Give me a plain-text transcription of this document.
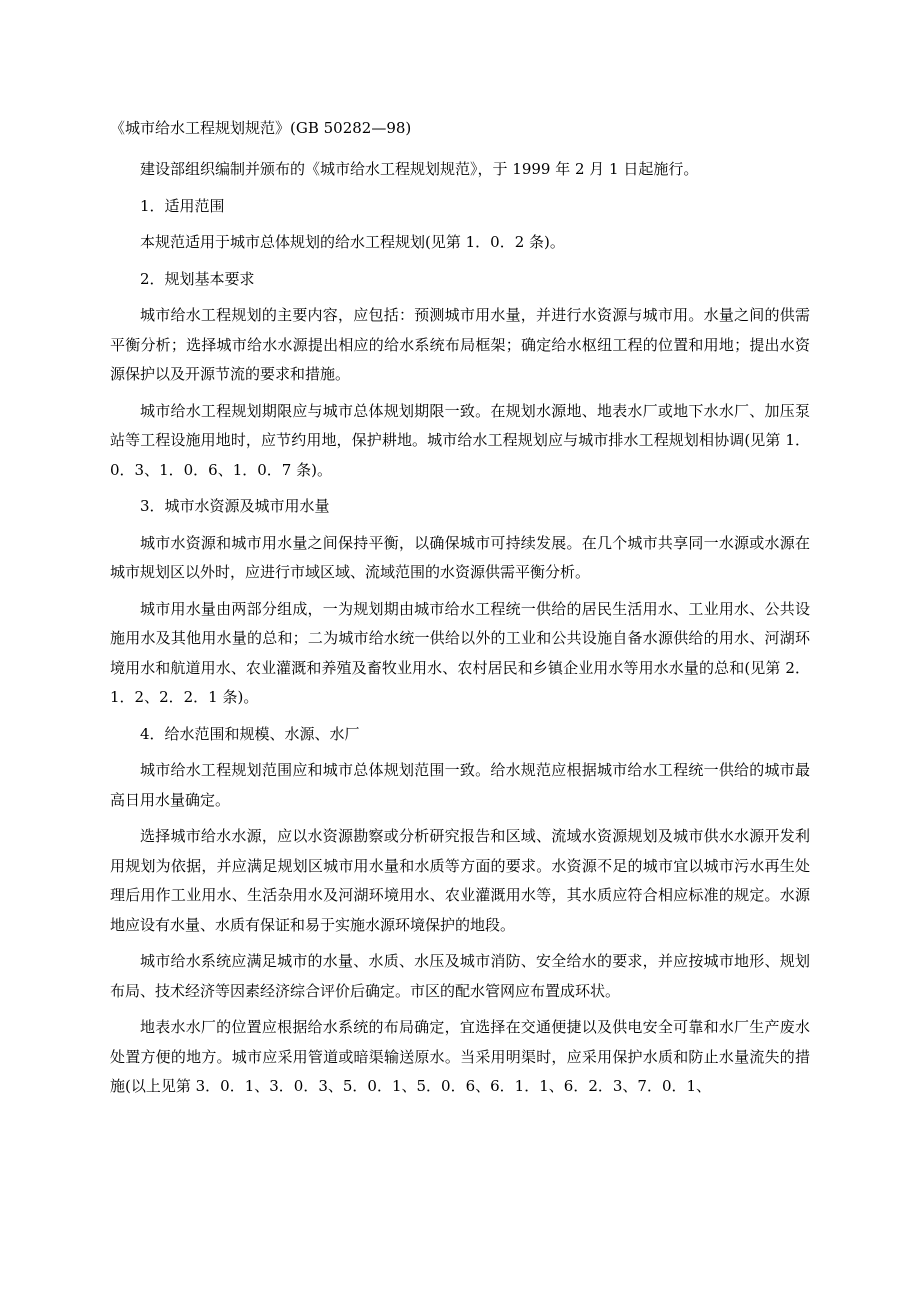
《城市给水工程规划规范》(GB 50282—98)

建设部组织编制并颁布的《城市给水工程规划规范》，于 1999 年 2 月 1 日起施行。

1．适用范围

本规范适用于城市总体规划的给水工程规划(见第 1．0．2 条)。

2．规划基本要求

城市给水工程规划的主要内容，应包括：预测城市用水量，并进行水资源与城市用。水量之间的供需平衡分析；选择城市给水水源提出相应的给水系统布局框架；确定给水枢纽工程的位置和用地；提出水资源保护以及开源节流的要求和措施。

城市给水工程规划期限应与城市总体规划期限一致。在规划水源地、地表水厂或地下水水厂、加压泵站等工程设施用地时，应节约用地，保护耕地。城市给水工程规划应与城市排水工程规划相协调(见第 1．0．3、1．0．6、1．0．7 条)。

3．城市水资源及城市用水量

城市水资源和城市用水量之间保持平衡，以确保城市可持续发展。在几个城市共享同一水源或水源在城市规划区以外时，应进行市域区域、流域范围的水资源供需平衡分析。

城市用水量由两部分组成，一为规划期由城市给水工程统一供给的居民生活用水、工业用水、公共设施用水及其他用水量的总和；二为城市给水统一供给以外的工业和公共设施自备水源供给的用水、河湖环境用水和航道用水、农业灌溉和养殖及畜牧业用水、农村居民和乡镇企业用水等用水水量的总和(见第 2．1．2、2．2．1 条)。

4．给水范围和规模、水源、水厂

城市给水工程规划范围应和城市总体规划范围一致。给水规范应根据城市给水工程统一供给的城市最高日用水量确定。

选择城市给水水源，应以水资源勘察或分析研究报告和区域、流域水资源规划及城市供水水源开发利用规划为依据，并应满足规划区城市用水量和水质等方面的要求。水资源不足的城市宜以城市污水再生处理后用作工业用水、生活杂用水及河湖环境用水、农业灌溉用水等，其水质应符合相应标准的规定。水源地应设有水量、水质有保证和易于实施水源环境保护的地段。

城市给水系统应满足城市的水量、水质、水压及城市消防、安全给水的要求，并应按城市地形、规划布局、技术经济等因素经济综合评价后确定。市区的配水管网应布置成环状。

地表水水厂的位置应根据给水系统的布局确定，宜选择在交通便捷以及供电安全可靠和水厂生产废水处置方便的地方。城市应采用管道或暗渠输送原水。当采用明渠时，应采用保护水质和防止水量流失的措施(以上见第 3．0．1、3．0．3、5．0．1、5．0．6、6．1．1、6．2．3、7．0．1、
